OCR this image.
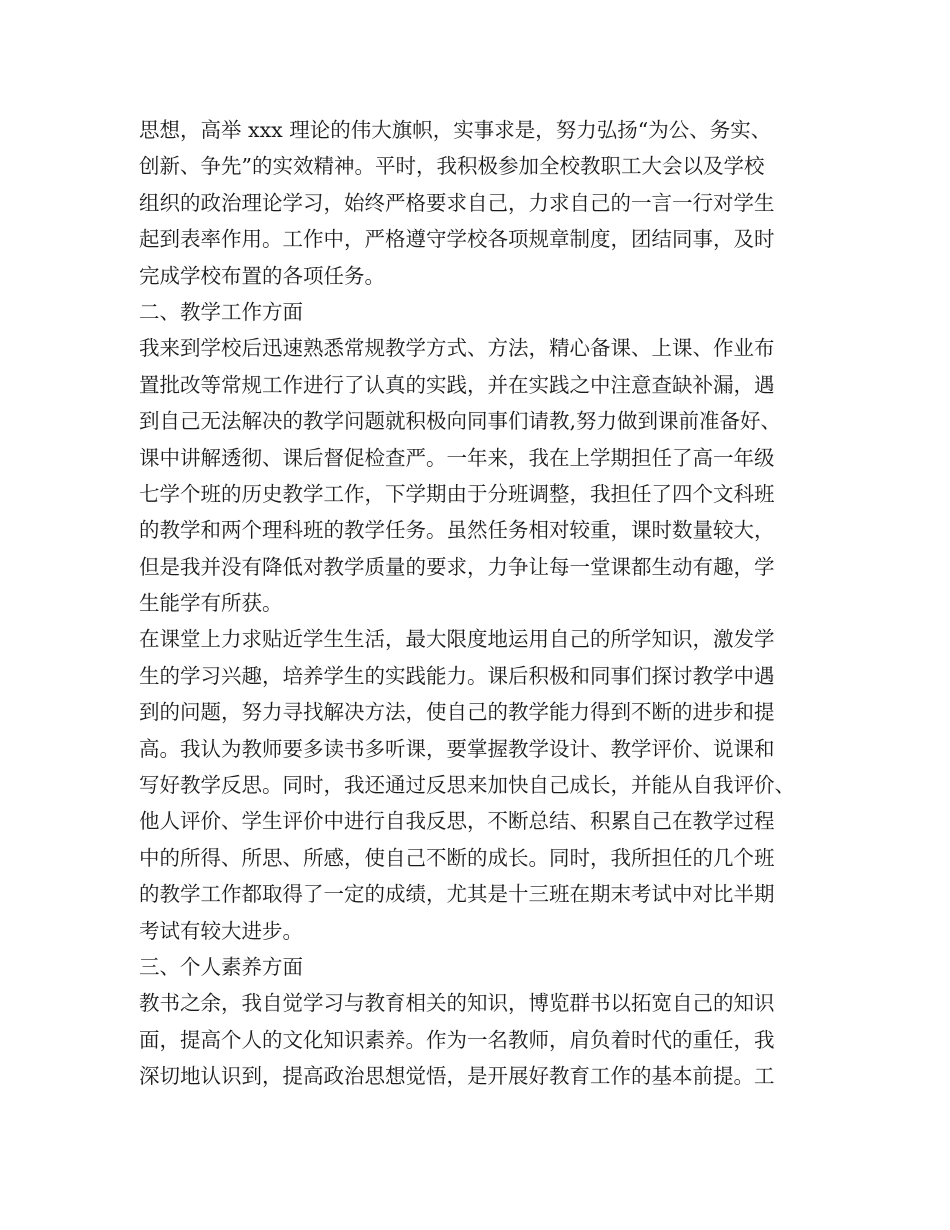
思想，高举 xxx 理论的伟大旗帜，实事求是，努力弘扬“为公、务实、
创新、争先”的实效精神。平时，我积极参加全校教职工大会以及学校
组织的政治理论学习，始终严格要求自己，力求自己的一言一行对学生
起到表率作用。工作中，严格遵守学校各项规章制度，团结同事，及时
完成学校布置的各项任务。
二、教学工作方面
我来到学校后迅速熟悉常规教学方式、方法，精心备课、上课、作业布
置批改等常规工作进行了认真的实践，并在实践之中注意查缺补漏，遇
到自己无法解决的教学问题就积极向同事们请教,努力做到课前准备好、
课中讲解透彻、课后督促检查严。一年来，我在上学期担任了高一年级
七学个班的历史教学工作，下学期由于分班调整，我担任了四个文科班
的教学和两个理科班的教学任务。虽然任务相对较重，课时数量较大，
但是我并没有降低对教学质量的要求，力争让每一堂课都生动有趣，学
生能学有所获。
在课堂上力求贴近学生生活，最大限度地运用自己的所学知识，激发学
生的学习兴趣，培养学生的实践能力。课后积极和同事们探讨教学中遇
到的问题，努力寻找解决方法，使自己的教学能力得到不断的进步和提
高。我认为教师要多读书多听课，要掌握教学设计、教学评价、说课和
写好教学反思。同时，我还通过反思来加快自己成长，并能从自我评价、
他人评价、学生评价中进行自我反思，不断总结、积累自己在教学过程
中的所得、所思、所感，使自己不断的成长。同时，我所担任的几个班
的教学工作都取得了一定的成绩，尤其是十三班在期末考试中对比半期
考试有较大进步。
三、个人素养方面
教书之余，我自觉学习与教育相关的知识，博览群书以拓宽自己的知识
面，提高个人的文化知识素养。作为一名教师，肩负着时代的重任，我
深切地认识到，提高政治思想觉悟，是开展好教育工作的基本前提。工
